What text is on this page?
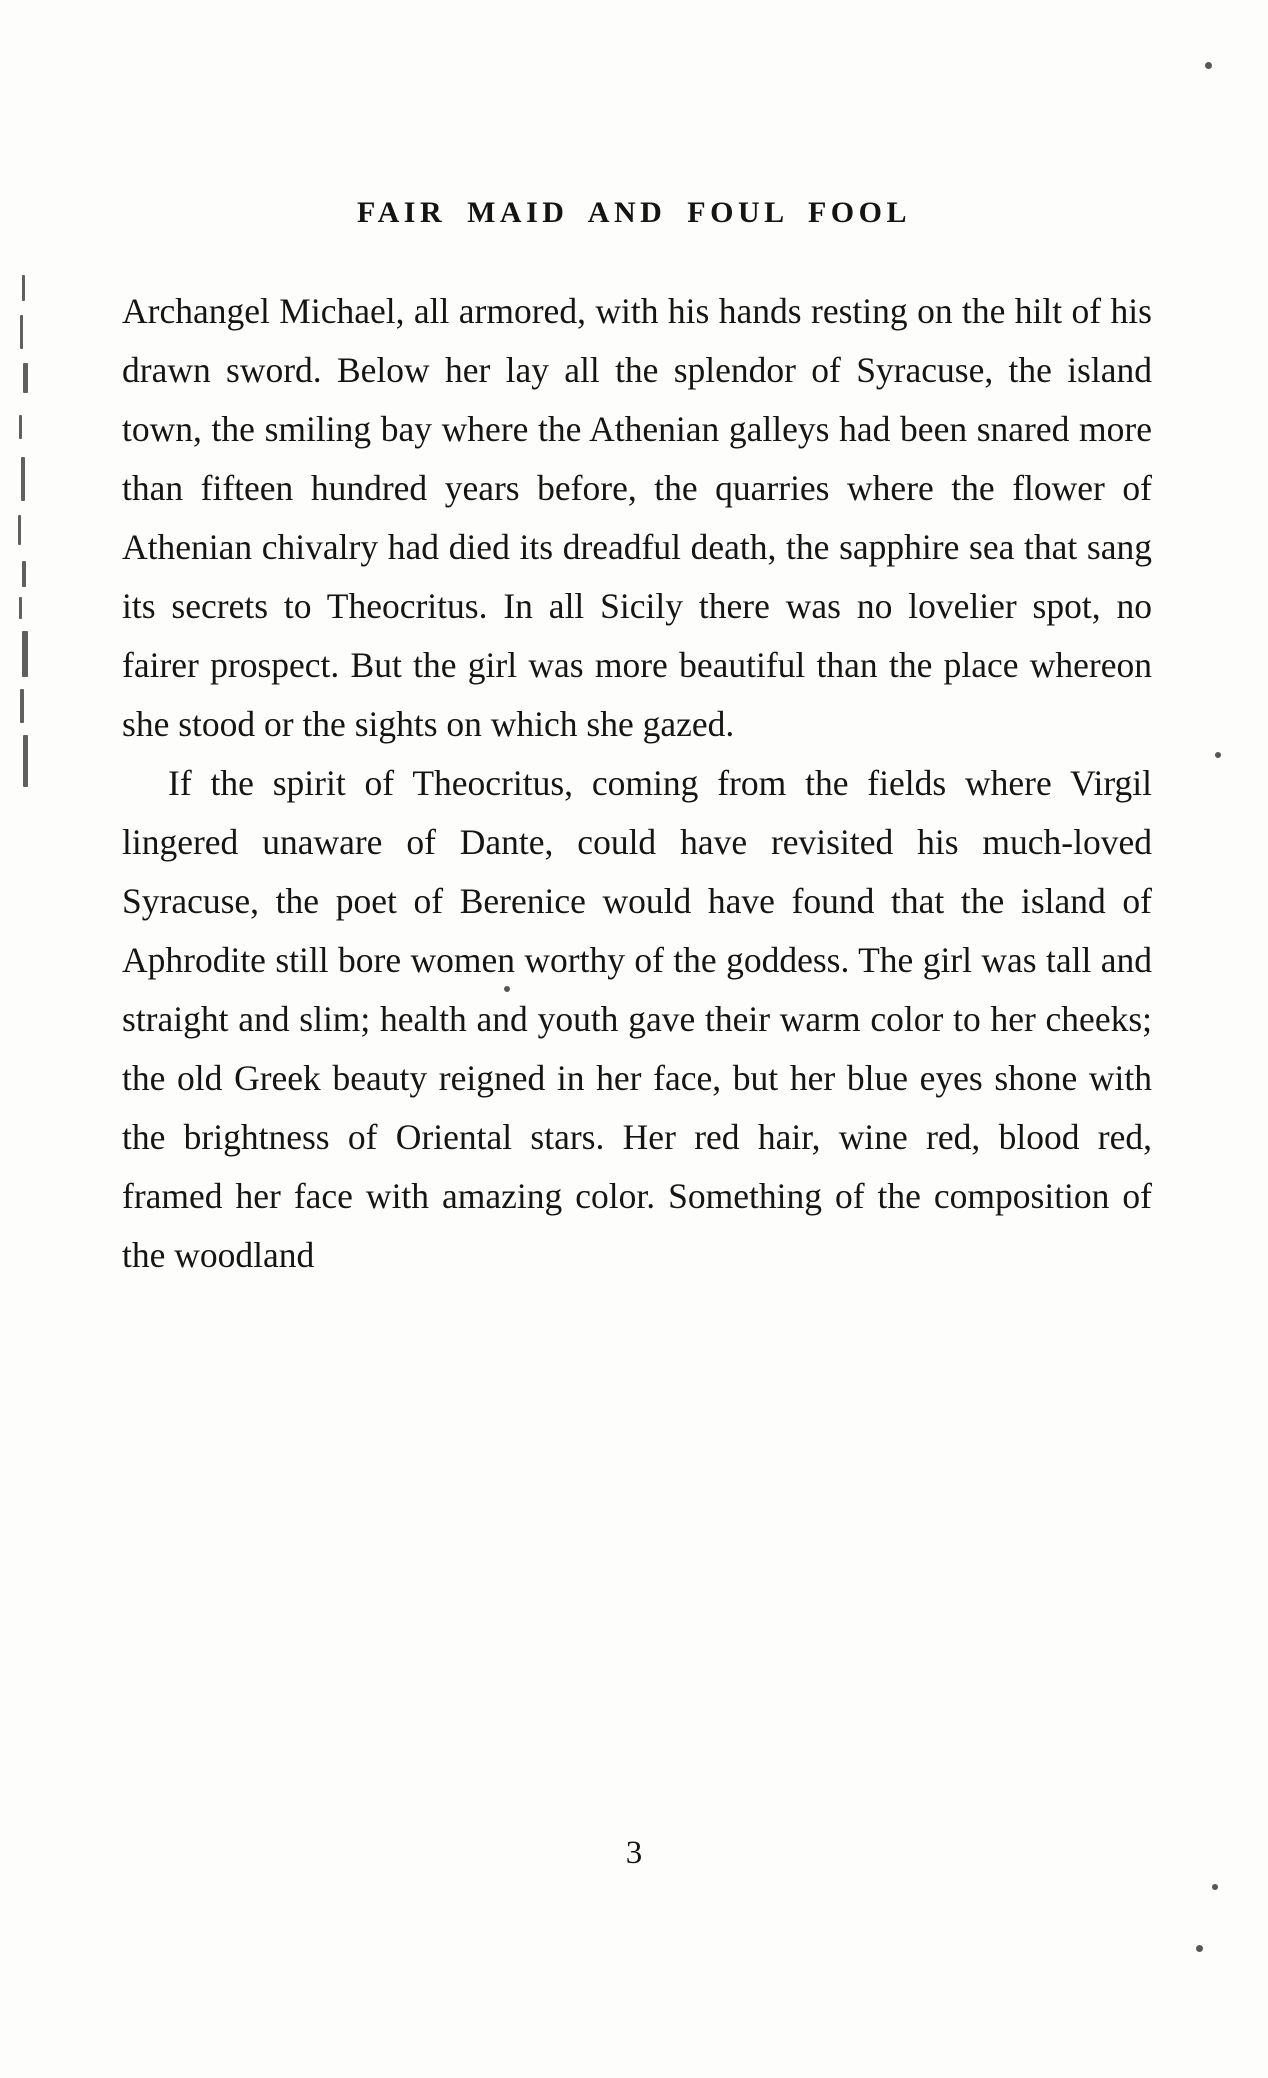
FAIR MAID AND FOUL FOOL

Archangel Michael, all armored, with his hands resting on the hilt of his drawn sword. Below her lay all the splendor of Syracuse, the island town, the smiling bay where the Athenian galleys had been snared more than fifteen hundred years before, the quarries where the flower of Athenian chivalry had died its dreadful death, the sapphire sea that sang its secrets to Theocritus. In all Sicily there was no lovelier spot, no fairer prospect. But the girl was more beautiful than the place whereon she stood or the sights on which she gazed.

If the spirit of Theocritus, coming from the fields where Virgil lingered unaware of Dante, could have revisited his much-loved Syracuse, the poet of Berenice would have found that the island of Aphrodite still bore women worthy of the goddess. The girl was tall and straight and slim; health and youth gave their warm color to her cheeks; the old Greek beauty reigned in her face, but her blue eyes shone with the brightness of Oriental stars. Her red hair, wine red, blood red, framed her face with amazing color. Something of the composition of the woodland

3
